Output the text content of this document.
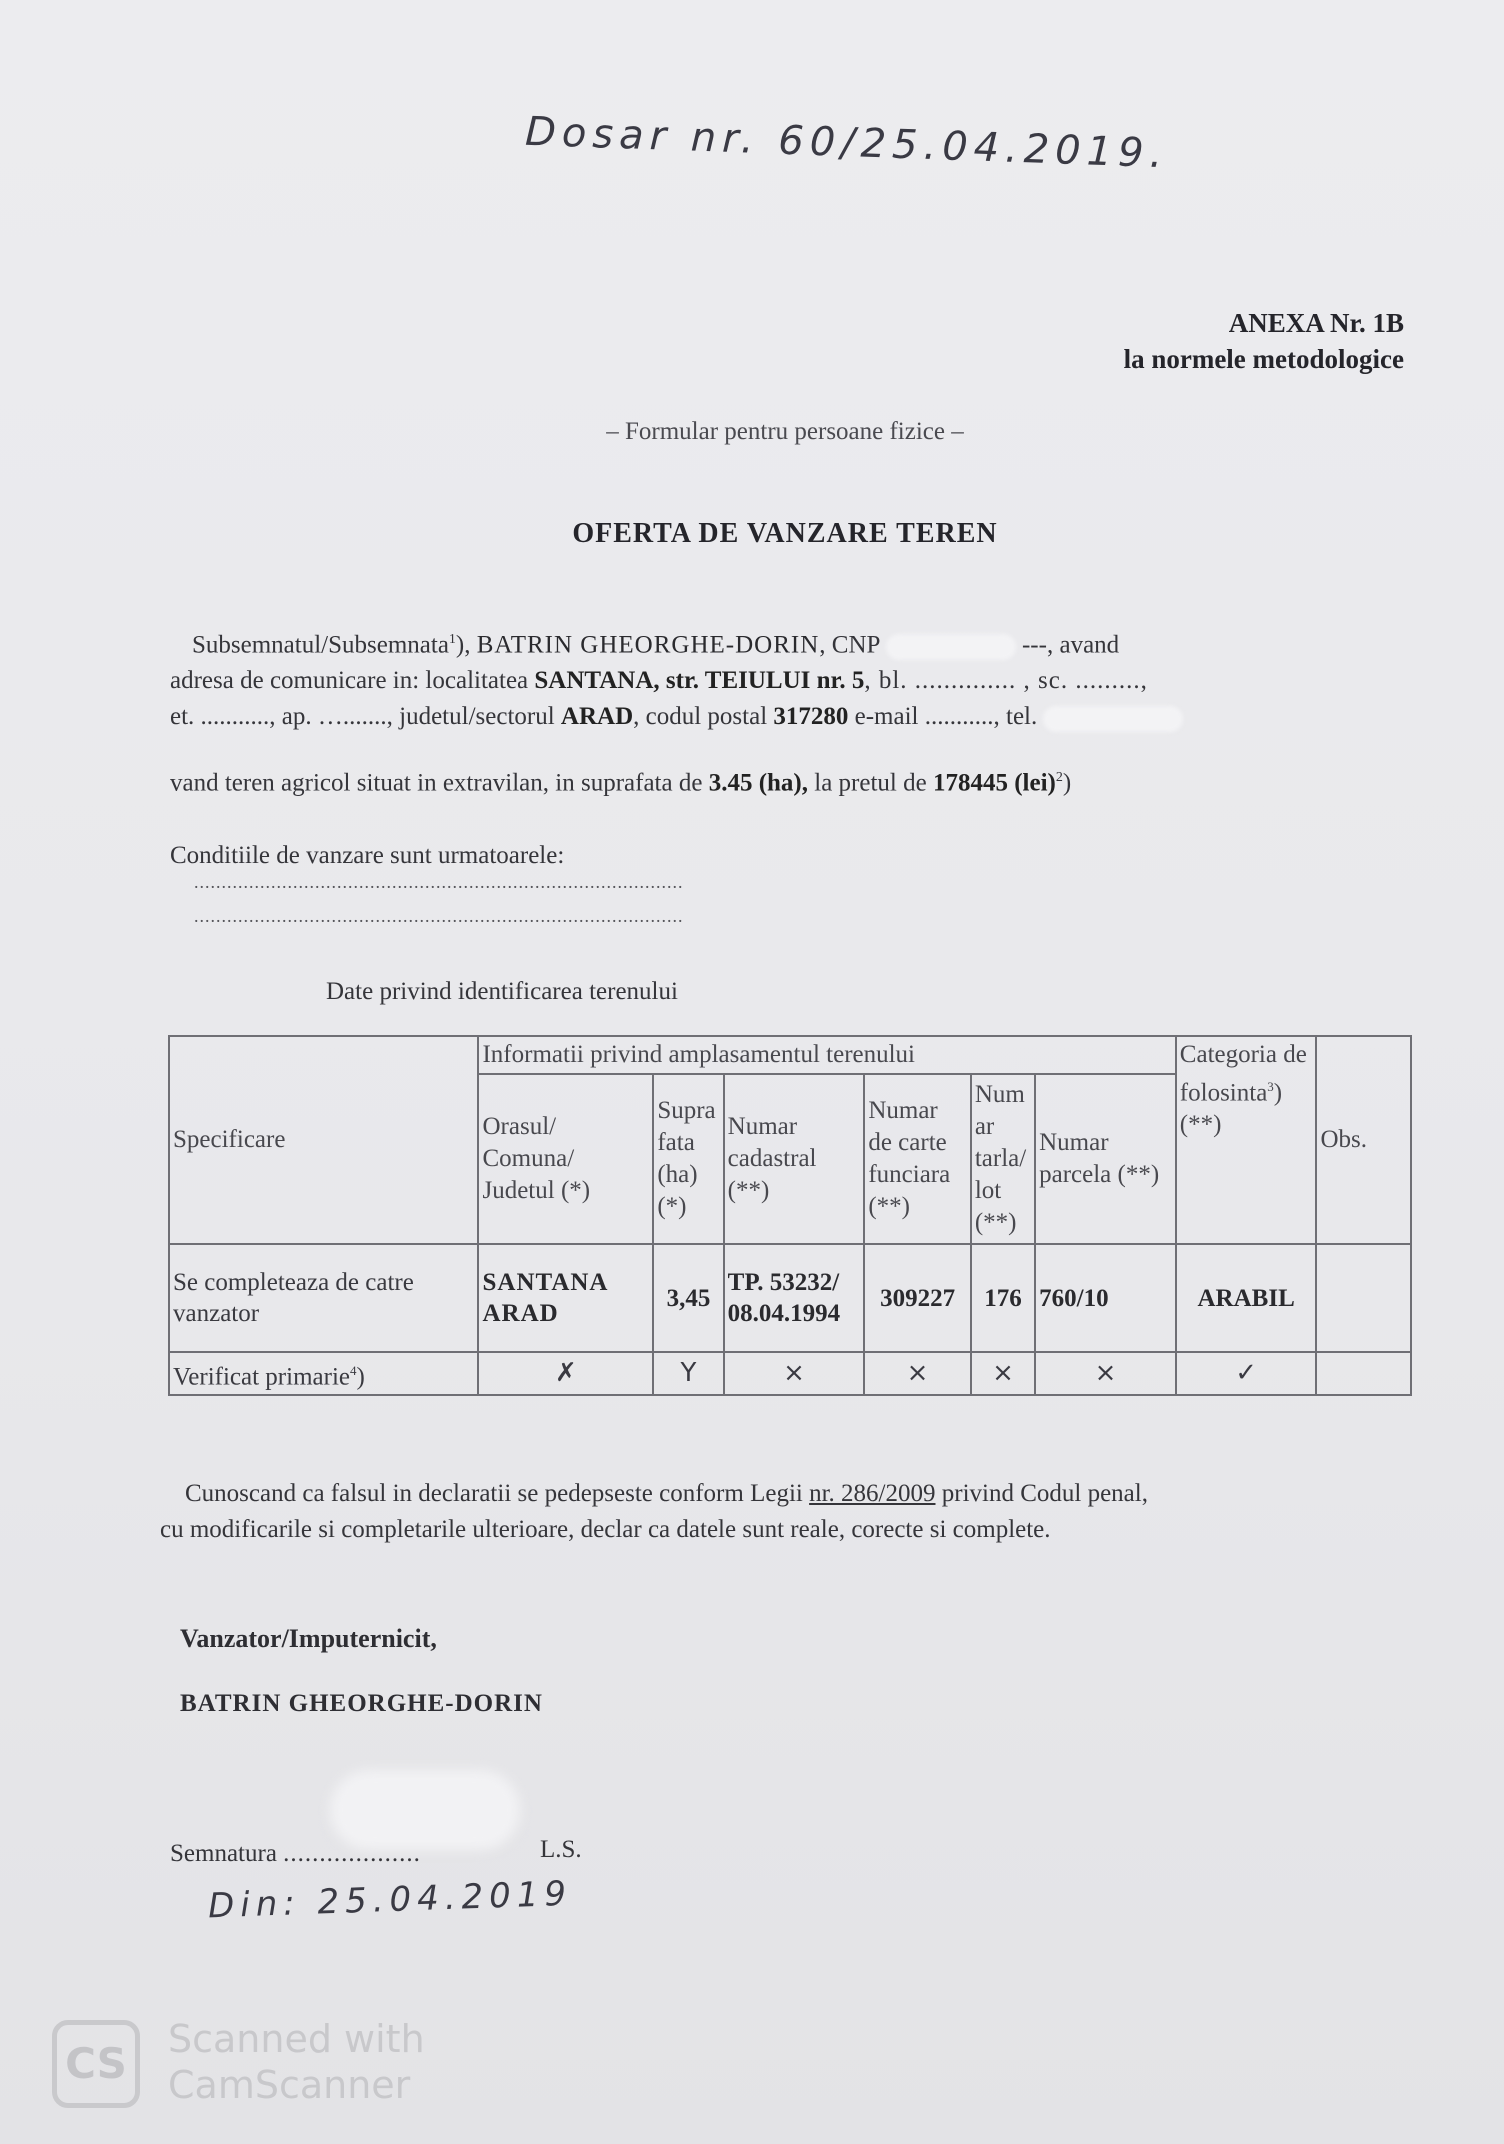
Dosar nr. 60/25.04.2019.
ANEXA Nr. 1B
la normele metodologice
– Formular pentru persoane fizice –
OFERTA DE VANZARE TEREN
Subsemnatul/Subsemnata$^1$), BATRIN GHEORGHE-DORIN, CNP	---, avand
adresa de comunicare in: localitatea SANTANA, str. TEIULUI nr. 5, bl. .............. , sc. .........,
et. ..........., ap. …......., judetul/sectorul ARAD, codul postal 317280 e-mail ..........., tel.
vand teren agricol situat in extravilan, in suprafata de 3.45 (ha), la pretul de 178445 (lei)$^2$)
Conditiile de vanzare sunt urmatoarele:
.........................................................................................
.........................................................................................
Date privind identificarea terenului
Specificare	Informatii privind amplasamentul terenului						Categoria de folosinta$^3$) (**)	Obs.
	Orasul/ Comuna/ Judetul (*)	Supra fata (ha) (*)	Numar cadastral (**)	Numar de carte funciara (**)	Num ar tarla/ lot (**)	Numar parcela (**)		
Se completeaza de catre vanzator	SANTANA ARAD	3,45	TP. 53232/ 08.04.1994	309227	176	760/10	ARABIL	
Verificat primarie$^4$)	✗	Y	×	×	×	×	✓	
Cunoscand ca falsul in declaratii se pedepseste conform Legii nr. 286/2009 privind Codul penal,
cu modificarile si completarile ulterioare, declar ca datele sunt reale, corecte si complete.
Vanzator/Imputernicit,
BATRIN GHEORGHE-DORIN
Semnatura ...................	L.S.
Din: 25.04.2019
CS	Scanned with
CamScanner
